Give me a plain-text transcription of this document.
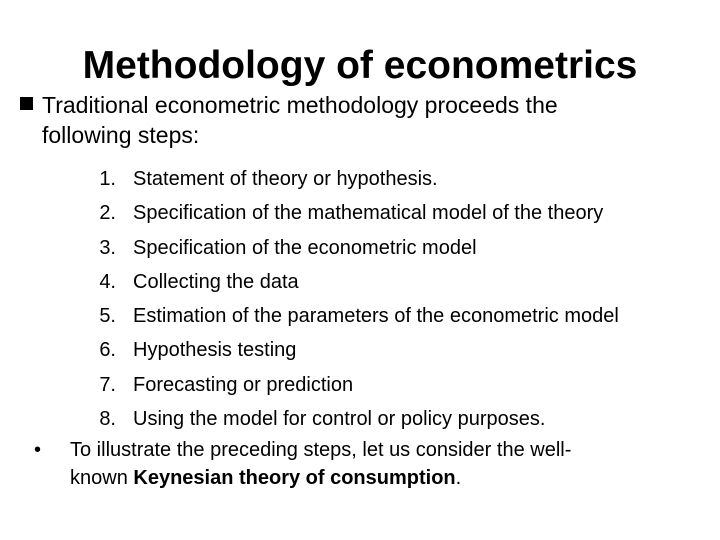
Methodology of econometrics
Traditional econometric methodology proceeds the
following steps:
1. Statement of theory or hypothesis.
2. Specification of the mathematical model of the theory
3. Specification of the econometric model
4. Collecting the data
5. Estimation of the parameters of the econometric model
6. Hypothesis testing
7. Forecasting or prediction
8. Using the model for control or policy purposes.
•	To illustrate the preceding steps, let us consider the well-
known Keynesian theory of consumption.
